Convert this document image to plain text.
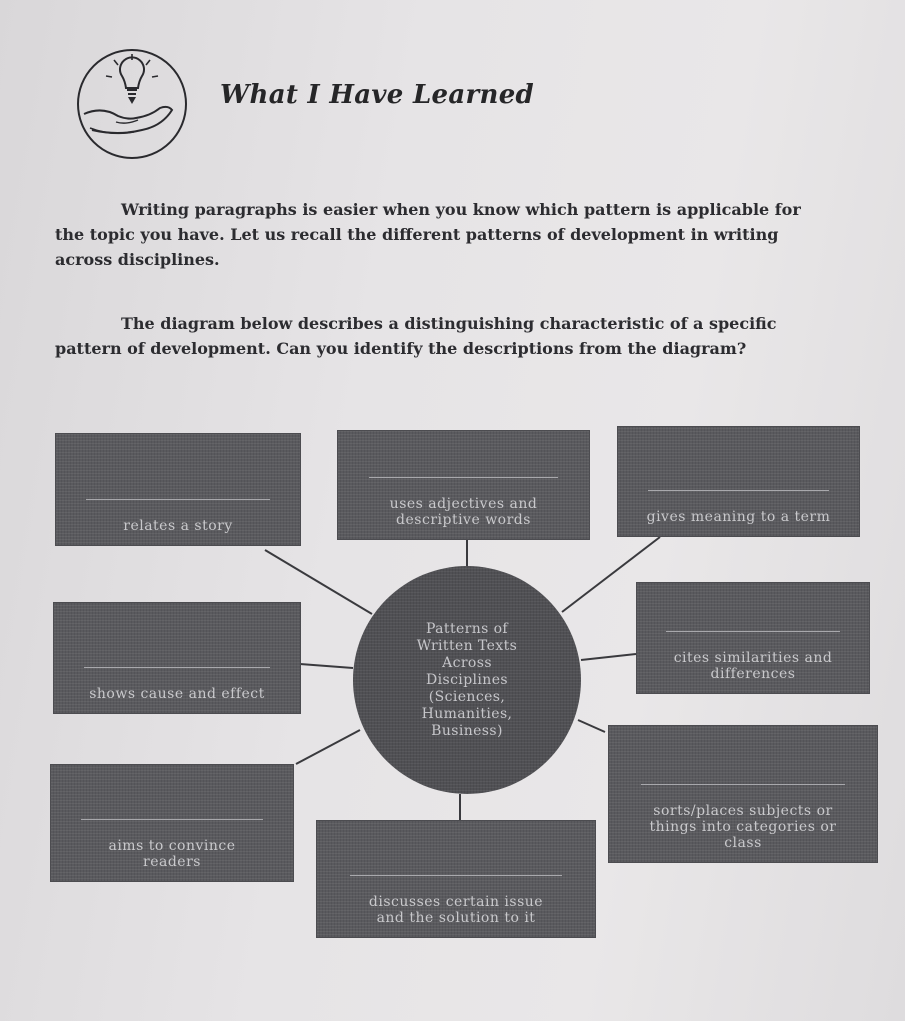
What I Have Learned
Writing paragraphs is easier when you know which pattern is applicable for
the topic you have. Let us recall the different patterns of development in writing
across disciplines.
The diagram below describes a distinguishing characteristic of a specific
pattern of development. Can you identify the descriptions from the diagram?
relates a story
uses adjectives and
descriptive words	gives meaning to a term
shows cause and effect
cites similarities and
differences
aims to convince
readers
discusses certain issue
and the solution to it
sorts/places subjects or
things into categories or
class
Patterns of
Written Texts
Across
Disciplines
(Sciences,
Humanities,
Business)
